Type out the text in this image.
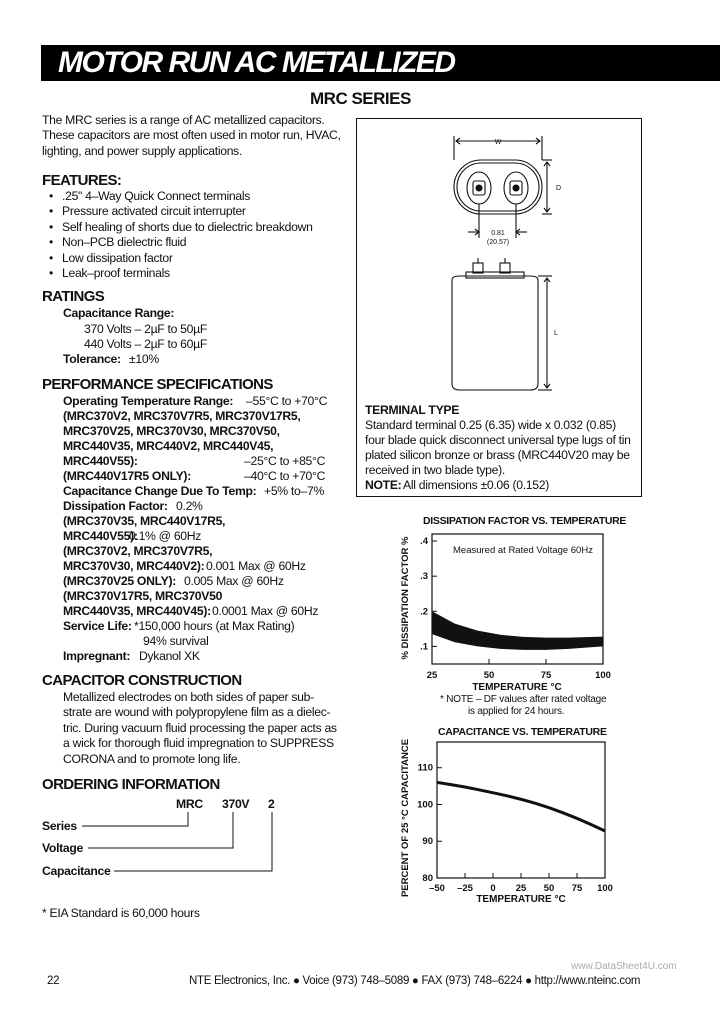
MOTOR RUN AC METALLIZED
MRC SERIES
The MRC series is a range of AC metallized capacitors.
These capacitors are most often used in motor run, HVAC,
lighting, and power supply applications.
FEATURES:
• .25" 4–Way Quick Connect terminals
• Pressure activated circuit interrupter
• Self healing of shorts due to dielectric breakdown
• Non–PCB dielectric fluid
• Low dissipation factor
• Leak–proof terminals
RATINGS
Capacitance Range:
370 Volts – 2µF to 50µF
440 Volts – 2µF to 60µF
Tolerance: ±10%
PERFORMANCE SPECIFICATIONS
Operating Temperature Range: –55°C to +70°C
(MRC370V2, MRC370V7R5, MRC370V17R5,
MRC370V25, MRC370V30, MRC370V50,
MRC440V35, MRC440V2, MRC440V45,
MRC440V55):	–25°C to +85°C
(MRC440V17R5 ONLY):	–40°C to +70°C
Capacitance Change Due To Temp: +5% to–7%
Dissipation Factor: 0.2%
(MRC370V35, MRC440V17R5,
MRC440V55):
0.1% @ 60Hz
(MRC370V2, MRC370V7R5,
MRC370V30, MRC440V2): 0.001 Max @ 60Hz
(MRC370V25 ONLY): 0.005 Max @ 60Hz
(MRC370V17R5, MRC370V50
MRC440V35, MRC440V45): 0.0001 Max @ 60Hz
Service Life: *150,000 hours (at Max Rating)
94% survival
Impregnant: Dykanol XK
CAPACITOR CONSTRUCTION
Metallized electrodes on both sides of paper sub-
strate are wound with polypropylene film as a dielec-
tric. During vacuum fluid processing the paper acts as
a wick for thorough fluid impregnation to SUPPRESS
CORONA and to promote long life.
ORDERING INFORMATION
MRC 370V 2
Series
Voltage
Capacitance
* EIA Standard is 60,000 hours
W
D
0.81
(20.57)
L
TERMINAL TYPE
Standard terminal 0.25 (6.35) wide x 0.032 (0.85)
four blade quick disconnect universal type lugs of tin
plated silicon bronze or brass (MRC440V20 may be
received in two blade type).
NOTE: All dimensions ±0.06 (0.152)
DISSIPATION FACTOR VS. TEMPERATURE
.4
.3
.2
.1
25	50	75	100
Measured at Rated Voltage 60Hz
TEMPERATURE °C
% DISSIPATION FACTOR %
* NOTE – DF values after rated voltage
is applied for 24 hours.
CAPACITANCE VS. TEMPERATURE
110
100
90
80
–50 –25 0 25 50 75 100
TEMPERATURE °C
PERCENT OF 25 °C CAPACITANCE
22	NTE Electronics, Inc. ● Voice (973) 748–5089 ● FAX (973) 748–6224 ● http://www.nteinc.com
www.DataSheet4U.com
